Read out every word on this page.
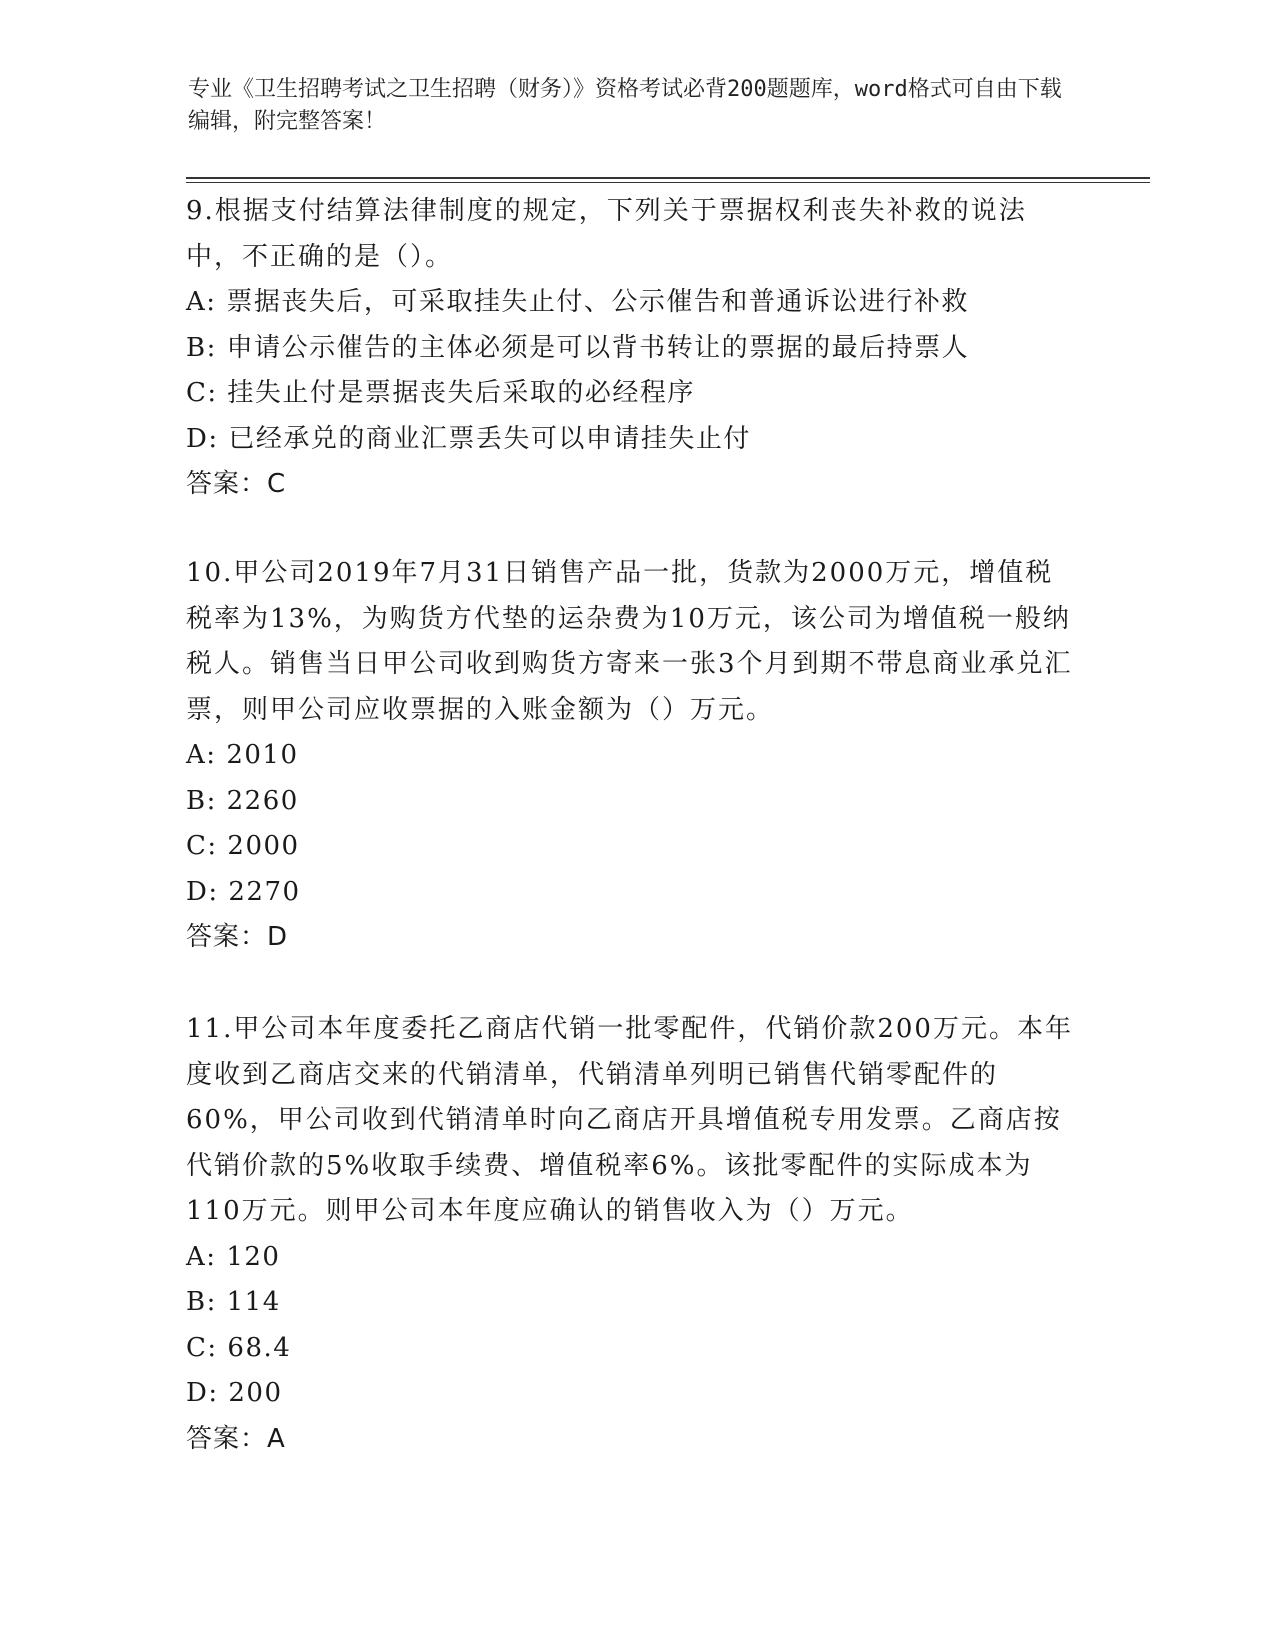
专业《卫生招聘考试之卫生招聘（财务）》资格考试必背200题题库，word格式可自由下载编辑，附完整答案！
9.根据支付结算法律制度的规定，下列关于票据权利丧失补救的说法中，不正确的是（）。
A: 票据丧失后，可采取挂失止付、公示催告和普通诉讼进行补救
B: 申请公示催告的主体必须是可以背书转让的票据的最后持票人
C: 挂失止付是票据丧失后采取的必经程序
D: 已经承兑的商业汇票丢失可以申请挂失止付
答案：C
10.甲公司2019年7月31日销售产品一批，货款为2000万元，增值税税率为13%，为购货方代垫的运杂费为10万元，该公司为增值税一般纳税人。销售当日甲公司收到购货方寄来一张3个月到期不带息商业承兑汇票，则甲公司应收票据的入账金额为（）万元。
A: 2010
B: 2260
C: 2000
D: 2270
答案：D
11.甲公司本年度委托乙商店代销一批零配件，代销价款200万元。本年度收到乙商店交来的代销清单，代销清单列明已销售代销零配件的60%，甲公司收到代销清单时向乙商店开具增值税专用发票。乙商店按代销价款的5%收取手续费、增值税率6%。该批零配件的实际成本为110万元。则甲公司本年度应确认的销售收入为（）万元。
A: 120
B: 114
C: 68.4
D: 200
答案：A
